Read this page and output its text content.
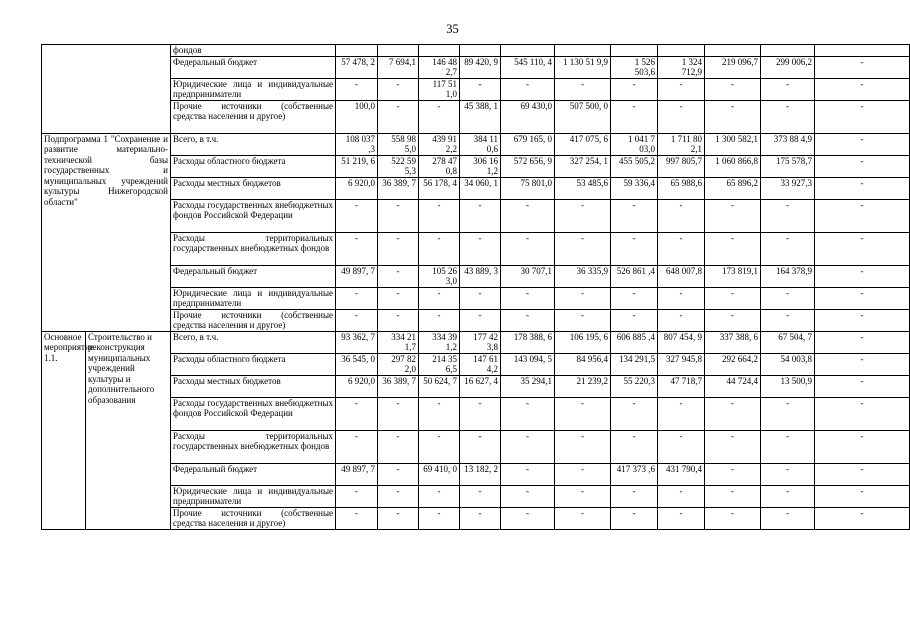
35
		фондов											
		Федеральный бюджет	57 478, 2	7 694,1	146 48 2,7	89 420, 9	545 110, 4	1 130 51 9,9	1 526 503,6	1 324 712,9	219 096,7	299 006,2	-
		Юридические лица и индивидуальные предприниматели	-	-	117 51 1,0	-	-	-	-	-	-	-	-
		Прочие источники (собственные средства населения и другое)	100,0	-	-	45 388, 1	69 430,0	507 500, 0	-	-	-	-	-
Подпрограмма 1 "Сохранение и развитие материально-технической базы государственных и муниципальных учреждений культуры Нижегородской области"		Всего, в т.ч.	108 037 ,3	558 98 5,0	439 91 2,2	384 11 0,6	679 165, 0	417 075, 6	1 041 7 03,0	1 711 80 2,1	1 300 582,1	373 88 4,9	-
		Расходы областного бюджета	51 219, 6	522 59 5,3	278 47 0,8	306 16 1,2	572 656, 9	327 254, 1	455 505,2	997 805,7	1 060 866,8	175 578,7	-
		Расходы местных бюджетов	6 920,0	36 389, 7	56 178, 4	34 060, 1	75 801,0	53 485,6	59 336,4	65 988,6	65 896,2	33 927,3	-
		Расходы государственных внебюджетных фондов Российской Федерации	-	-	-	-	-	-	-	-	-	-	-
		Расходы территориальных государственных внебюджетных фондов	-	-	-	-	-	-	-	-	-	-	-
		Федеральный бюджет	49 897, 7	-	105 26 3,0	43 889, 3	30 707,1	36 335,9	526 861 ,4	648 007,8	173 819,1	164 378,9	-
		Юридические лица и индивидуальные предприниматели	-	-	-	-	-	-	-	-	-	-	-
		Прочие источники (собственные средства населения и другое)	-	-	-	-	-	-	-	-	-	-	-
Основное мероприятие 1.1.	Строительство и реконструкция муниципальных учреждений культуры и дополнительного образования	Всего, в т.ч.	93 362, 7	334 21 1,7	334 39 1,2	177 42 3,8	178 388, 6	106 195, 6	606 885 ,4	807 454, 9	337 388, 6	67 504, 7	-
		Расходы областного бюджета	36 545, 0	297 82 2,0	214 35 6,5	147 61 4,2	143 094, 5	84 956,4	134 291,5	327 945,8	292 664,2	54 003,8	-
		Расходы местных бюджетов	6 920,0	36 389, 7	50 624, 7	16 627, 4	35 294,1	21 239,2	55 220,3	47 718,7	44 724,4	13 500,9	-
		Расходы государственных внебюджетных фондов Российской Федерации	-	-	-	-	-	-	-	-	-	-	-
		Расходы территориальных государственных внебюджетных фондов	-	-	-	-	-	-	-	-	-	-	-
		Федеральный бюджет	49 897, 7	-	69 410, 0	13 182, 2	-	-	417 373 ,6	431 790,4	-	-	-
		Юридические лица и индивидуальные предприниматели	-	-	-	-	-	-	-	-	-	-	-
		Прочие источники (собственные средства населения и другое)	-	-	-	-	-	-	-	-	-	-	-
